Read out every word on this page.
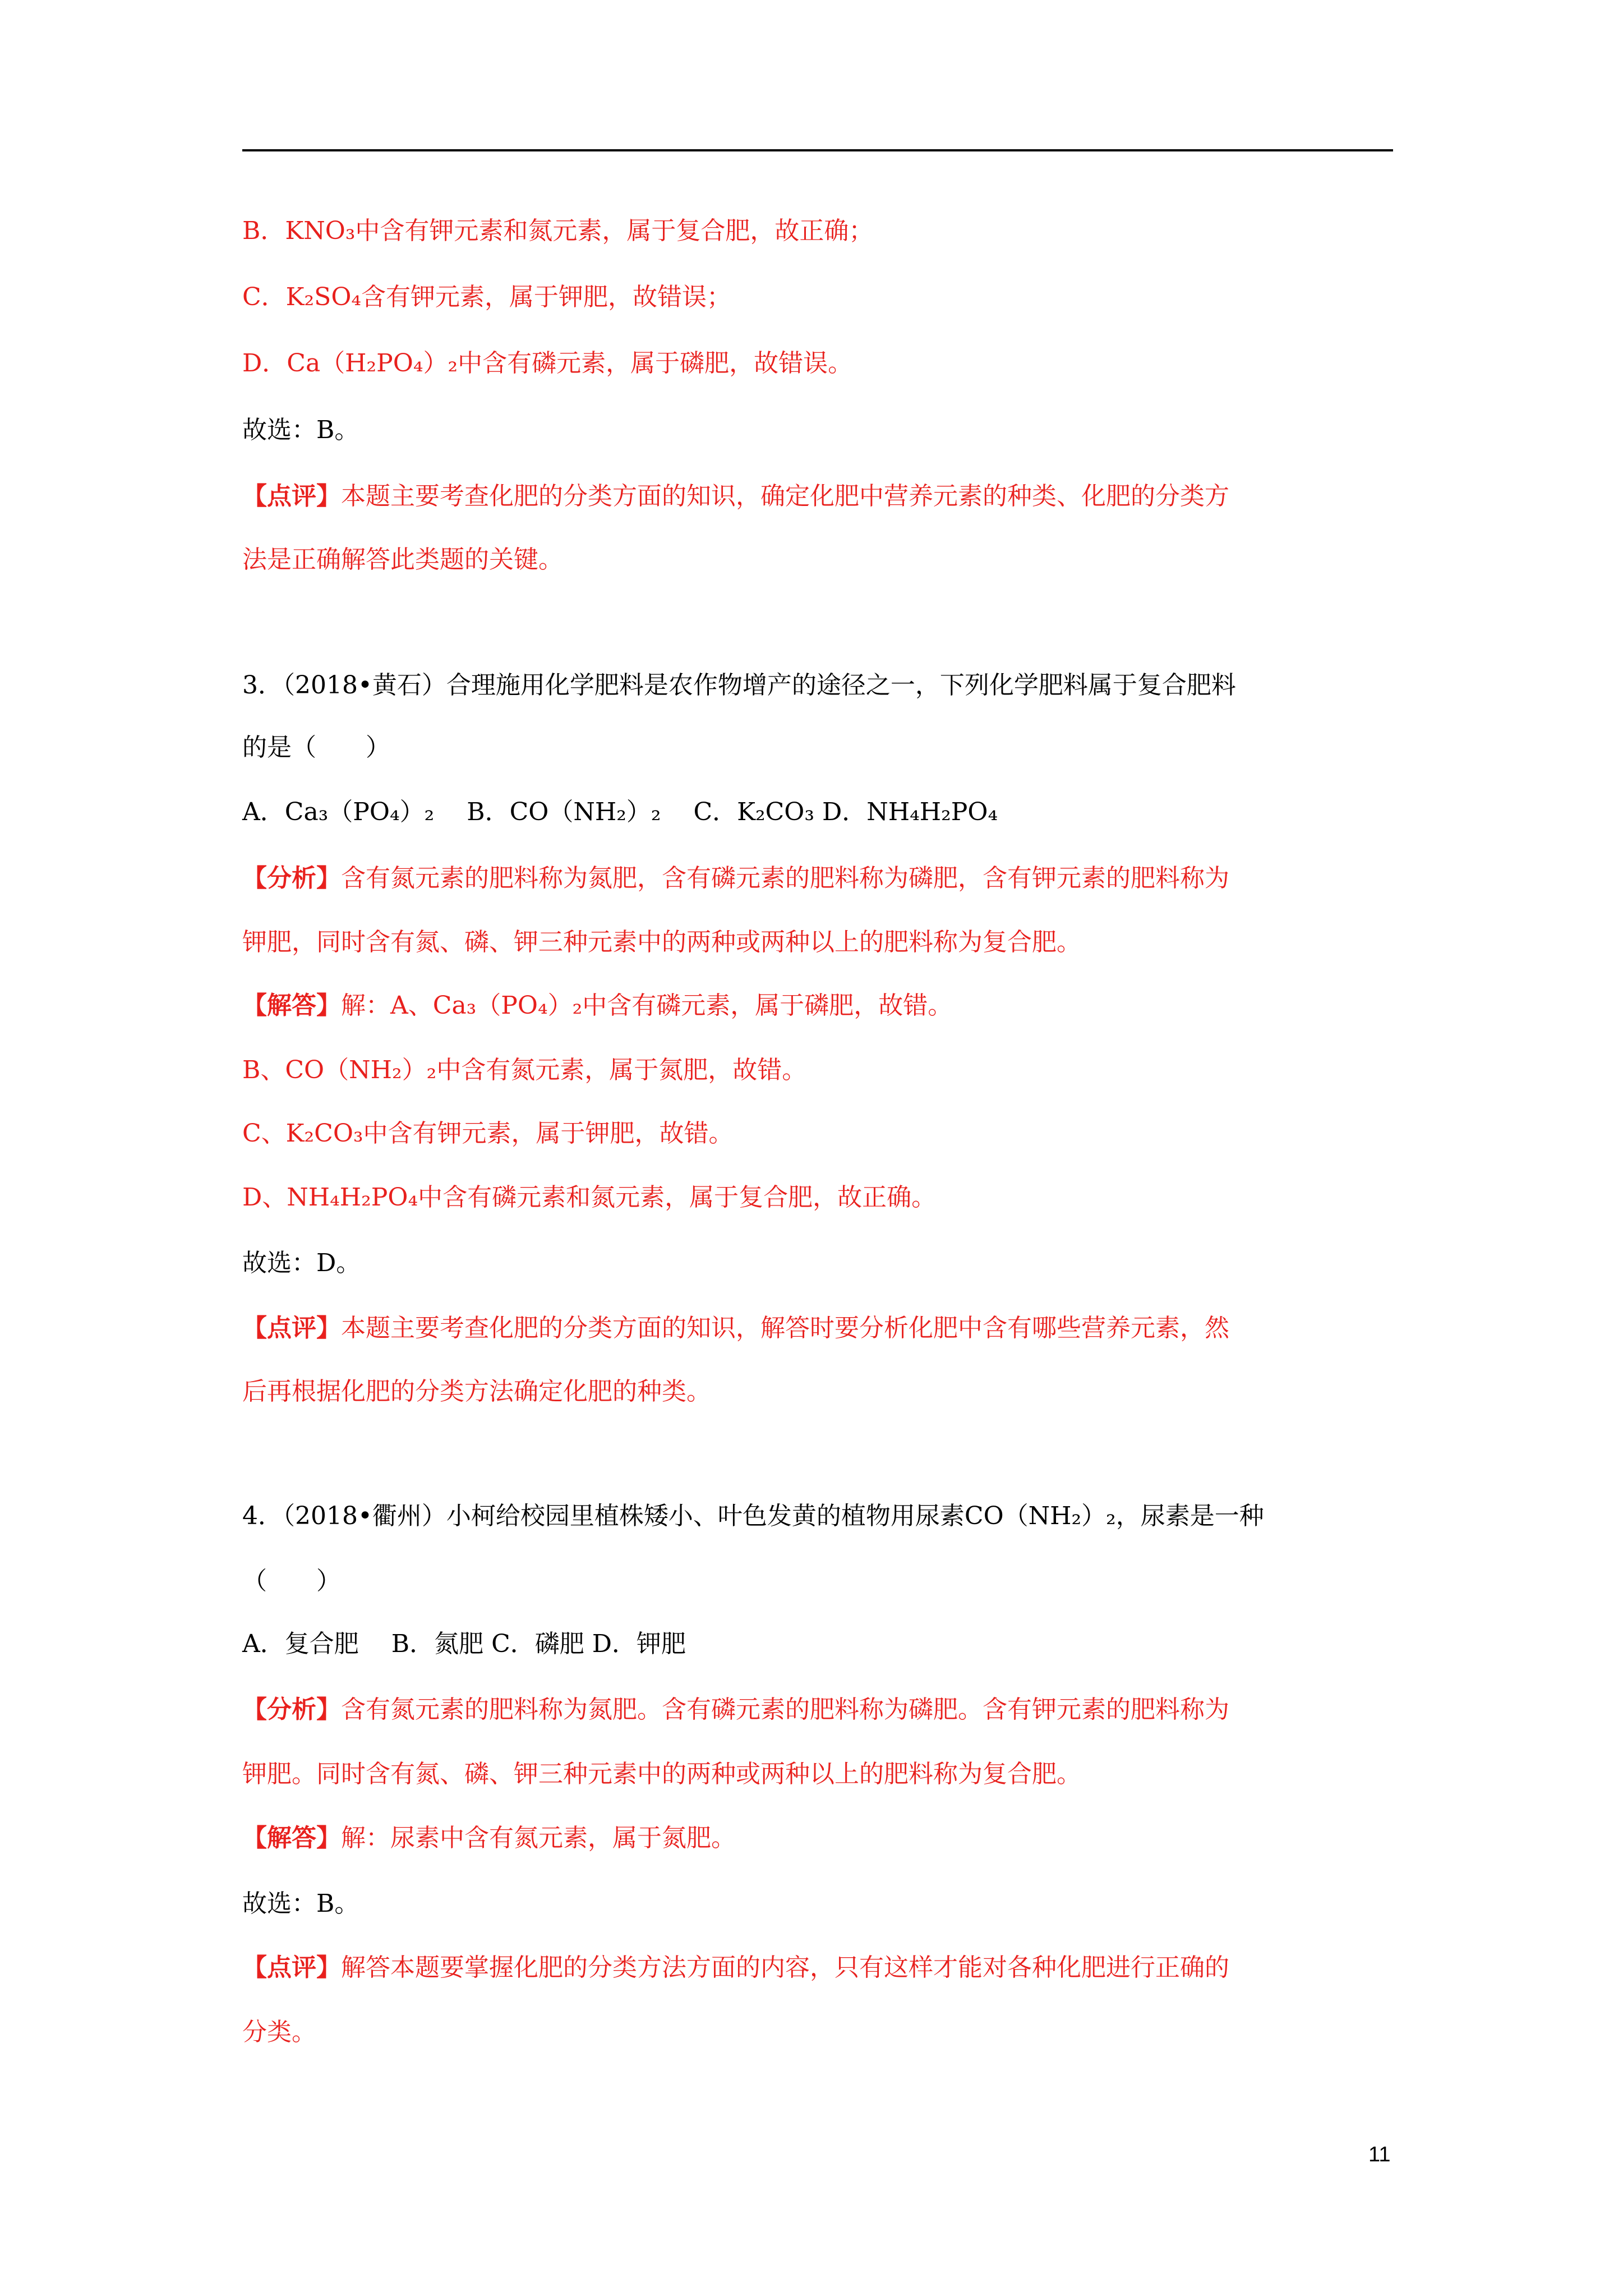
B．KNO₃中含有钾元素和氮元素，属于复合肥，故正确；
C．K₂SO₄含有钾元素，属于钾肥，故错误；
D．Ca（H₂PO₄）₂中含有磷元素，属于磷肥，故错误。
故选：B。
【点评】本题主要考查化肥的分类方面的知识，确定化肥中营养元素的种类、化肥的分类方
法是正确解答此类题的关键。
3．（2018•黄石）合理施用化学肥料是农作物增产的途径之一，下列化学肥料属于复合肥料
的是（　　）
A．Ca₃（PO₄）₂　 B．CO（NH₂）₂　 C．K₂CO₃ D．NH₄H₂PO₄
【分析】含有氮元素的肥料称为氮肥，含有磷元素的肥料称为磷肥，含有钾元素的肥料称为
钾肥，同时含有氮、磷、钾三种元素中的两种或两种以上的肥料称为复合肥。
【解答】解：A、Ca₃（PO₄）₂中含有磷元素，属于磷肥，故错。
B、CO（NH₂）₂中含有氮元素，属于氮肥，故错。
C、K₂CO₃中含有钾元素，属于钾肥，故错。
D、NH₄H₂PO₄中含有磷元素和氮元素，属于复合肥，故正确。
故选：D。
【点评】本题主要考查化肥的分类方面的知识，解答时要分析化肥中含有哪些营养元素，然
后再根据化肥的分类方法确定化肥的种类。
4．（2018•衢州）小柯给校园里植株矮小、叶色发黄的植物用尿素CO（NH₂）₂，尿素是一种
（　　）
A．复合肥　 B．氮肥 C．磷肥 D．钾肥
【分析】含有氮元素的肥料称为氮肥。含有磷元素的肥料称为磷肥。含有钾元素的肥料称为
钾肥。同时含有氮、磷、钾三种元素中的两种或两种以上的肥料称为复合肥。
【解答】解：尿素中含有氮元素，属于氮肥。
故选：B。
【点评】解答本题要掌握化肥的分类方法方面的内容，只有这样才能对各种化肥进行正确的
分类。
11
